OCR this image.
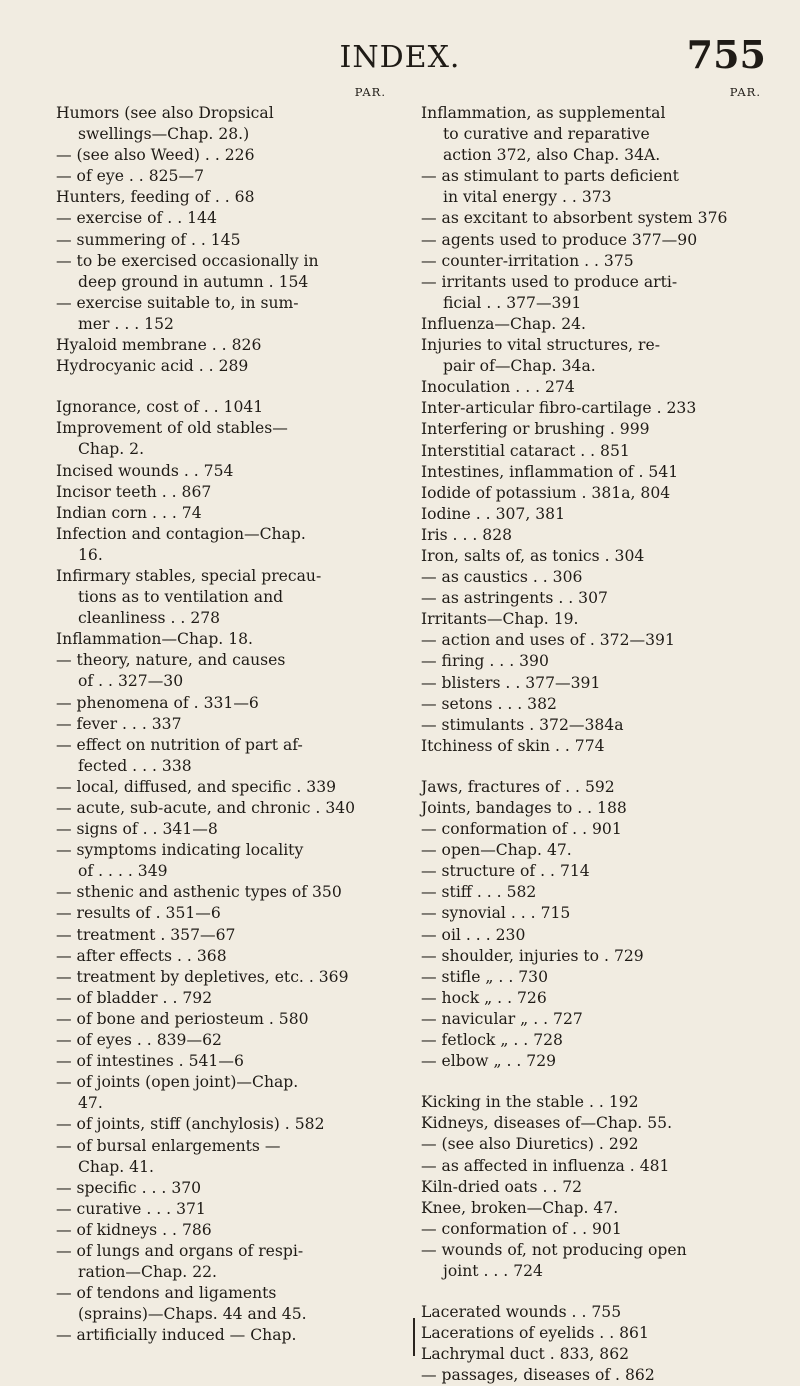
INDEX.	755
PAR.
Humors (see also Dropsical
swellings—Chap. 28.)
— (see also Weed) . . 226
— of eye . . 825—7
Hunters, feeding of . . 68
— exercise of . . 144
— summering of . . 145
— to be exercised occasionally in
deep ground in autumn . 154
— exercise suitable to, in sum-
mer . . . 152
Hyaloid membrane . . 826
Hydrocyanic acid . . 289
Ignorance, cost of . . 1041
Improvement of old stables—
Chap. 2.
Incised wounds . . 754
Incisor teeth . . 867
Indian corn . . . 74
Infection and contagion—Chap.
16.
Infirmary stables, special precau-
tions as to ventilation and
cleanliness . . 278
Inflammation—Chap. 18.
— theory, nature, and causes
of . . 327—30
— phenomena of . 331—6
— fever . . . 337
— effect on nutrition of part af-
fected . . . 338
— local, diffused, and specific . 339
— acute, sub-acute, and chronic . 340
— signs of . . 341—8
— symptoms indicating locality
of . . . . 349
— sthenic and asthenic types of 350
— results of . 351—6
— treatment . 357—67
— after effects . . 368
— treatment by depletives, etc. . 369
— of bladder . . 792
— of bone and periosteum . 580
— of eyes . . 839—62
— of intestines . 541—6
— of joints (open joint)—Chap.
47.
— of joints, stiff (anchylosis) . 582
— of bursal enlargements —
Chap. 41.
— specific . . . 370
— curative . . . 371
— of kidneys . . 786
— of lungs and organs of respi-
ration—Chap. 22.
— of tendons and ligaments
(sprains)—Chaps. 44 and 45.
— artificially induced — Chap.
PAR.
Inflammation, as supplemental
to curative and reparative
action 372, also Chap. 34A.
— as stimulant to parts deficient
in vital energy . . 373
— as excitant to absorbent system 376
— agents used to produce 377—90
— counter-irritation . . 375
— irritants used to produce arti-
ficial . . 377—391
Influenza—Chap. 24.
Injuries to vital structures, re-
pair of—Chap. 34a.
Inoculation . . . 274
Inter-articular fibro-cartilage . 233
Interfering or brushing . 999
Interstitial cataract . . 851
Intestines, inflammation of . 541
Iodide of potassium . 381a, 804
Iodine . . 307, 381
Iris . . . 828
Iron, salts of, as tonics . 304
— as caustics . . 306
— as astringents . . 307
Irritants—Chap. 19.
— action and uses of . 372—391
— firing . . . 390
— blisters . . 377—391
— setons . . . 382
— stimulants . 372—384a
Itchiness of skin . . 774
Jaws, fractures of . . 592
Joints, bandages to . . 188
— conformation of . . 901
— open—Chap. 47.
— structure of . . 714
— stiff . . . 582
— synovial . . . 715
— oil . . . 230
— shoulder, injuries to . 729
— stifle „ . . 730
— hock „ . . 726
— navicular „ . . 727
— fetlock „ . . 728
— elbow „ . . 729
Kicking in the stable . . 192
Kidneys, diseases of—Chap. 55.
— (see also Diuretics) . 292
— as affected in influenza . 481
Kiln-dried oats . . 72
Knee, broken—Chap. 47.
— conformation of . . 901
— wounds of, not producing open
joint . . . 724
Lacerated wounds . . 755
Lacerations of eyelids . . 861
Lachrymal duct . 833, 862
— passages, diseases of . 862
